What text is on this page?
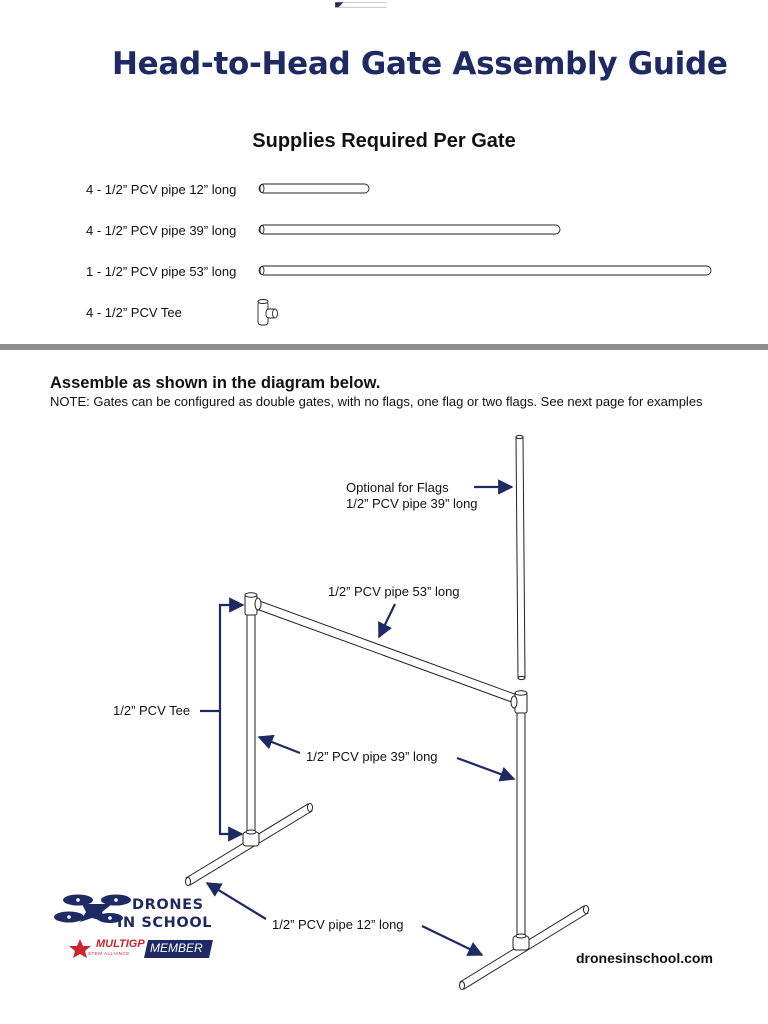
Head-to-Head Gate Assembly Guide
Supplies Required Per Gate
4 - 1/2” PCV pipe 12” long
4 - 1/2” PCV pipe 39” long
1 - 1/2” PCV pipe 53” long
4 - 1/2” PCV Tee
Assemble as shown in the diagram below.
NOTE: Gates can be configured as double gates, with no flags, one flag or two flags. See next page for examples
Optional for Flags
1/2” PCV pipe 39” long
1/2” PCV pipe 53” long
1/2” PCV Tee
1/2” PCV pipe 39” long
1/2” PCV pipe 12” long
DRONES
IN SCHOOL
MULTIGP
STEM ALLIANCE MEMBER
dronesinschool.com
